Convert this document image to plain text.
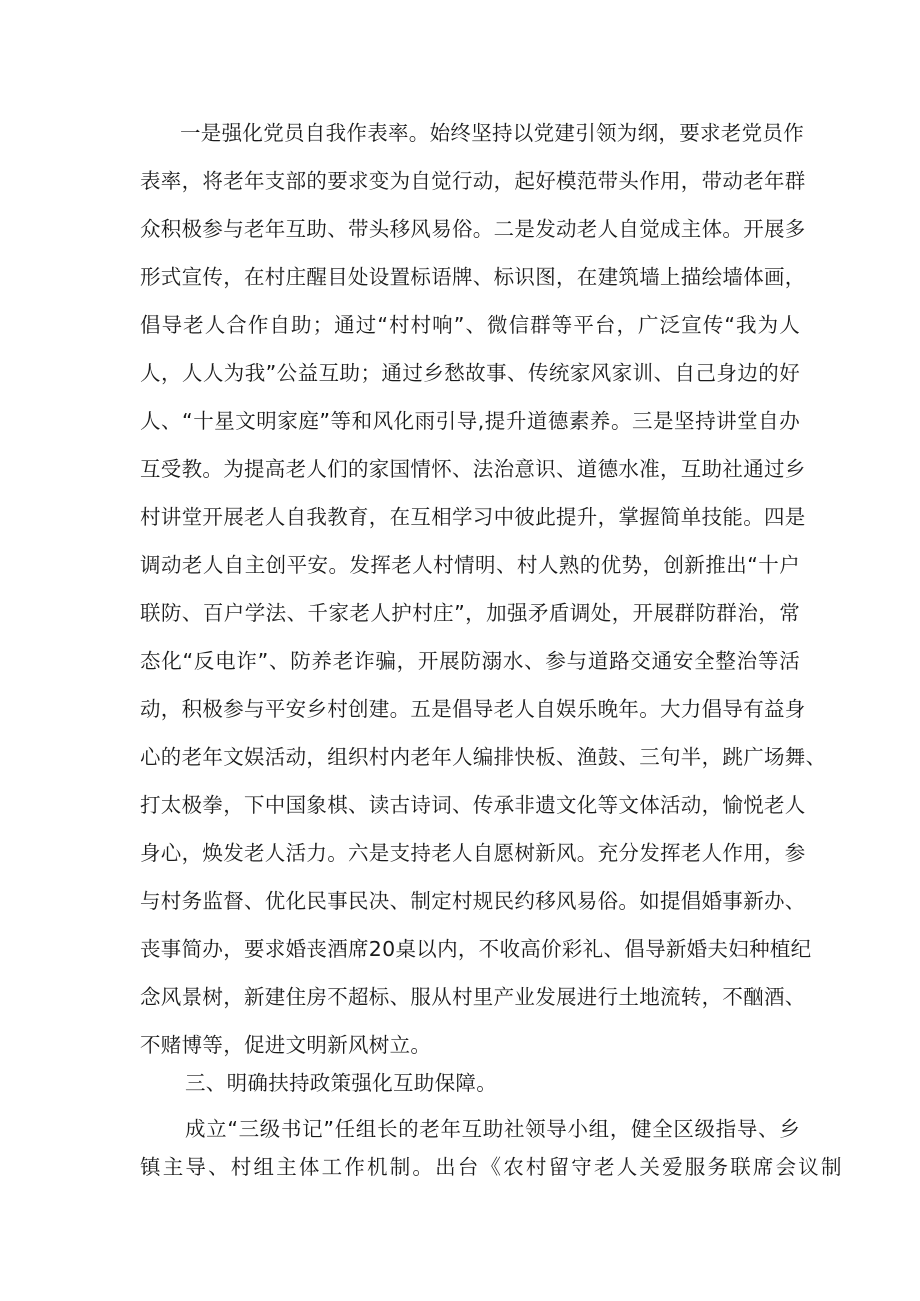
一是强化党员自我作表率。始终坚持以党建引领为纲，要求老党员作
表率，将老年支部的要求变为自觉行动，起好模范带头作用，带动老年群
众积极参与老年互助、带头移风易俗。二是发动老人自觉成主体。开展多
形式宣传，在村庄醒目处设置标语牌、标识图，在建筑墙上描绘墙体画，
倡导老人合作自助；通过“村村响”、微信群等平台，广泛宣传“我为人
人，人人为我”公益互助；通过乡愁故事、传统家风家训、自己身边的好
人、“十星文明家庭”等和风化雨引导,提升道德素养。三是坚持讲堂自办
互受教。为提高老人们的家国情怀、法治意识、道德水准，互助社通过乡
村讲堂开展老人自我教育，在互相学习中彼此提升，掌握简单技能。四是
调动老人自主创平安。发挥老人村情明、村人熟的优势，创新推出“十户
联防、百户学法、千家老人护村庄”，加强矛盾调处，开展群防群治，常
态化“反电诈”、防养老诈骗，开展防溺水、参与道路交通安全整治等活
动，积极参与平安乡村创建。五是倡导老人自娱乐晚年。大力倡导有益身
心的老年文娱活动，组织村内老年人编排快板、渔鼓、三句半，跳广场舞、
打太极拳，下中国象棋、读古诗词、传承非遗文化等文体活动，愉悦老人
身心，焕发老人活力。六是支持老人自愿树新风。充分发挥老人作用，参
与村务监督、优化民事民决、制定村规民约移风易俗。如提倡婚事新办、
丧事简办，要求婚丧酒席20桌以内，不收高价彩礼、倡导新婚夫妇种植纪
念风景树，新建住房不超标、服从村里产业发展进行土地流转，不酗酒、
不赌博等，促进文明新风树立。
三、明确扶持政策强化互助保障。
成立“三级书记”任组长的老年互助社领导小组，健全区级指导、乡
镇主导、村组主体工作机制。出台《农村留守老人关爱服务联席会议制
